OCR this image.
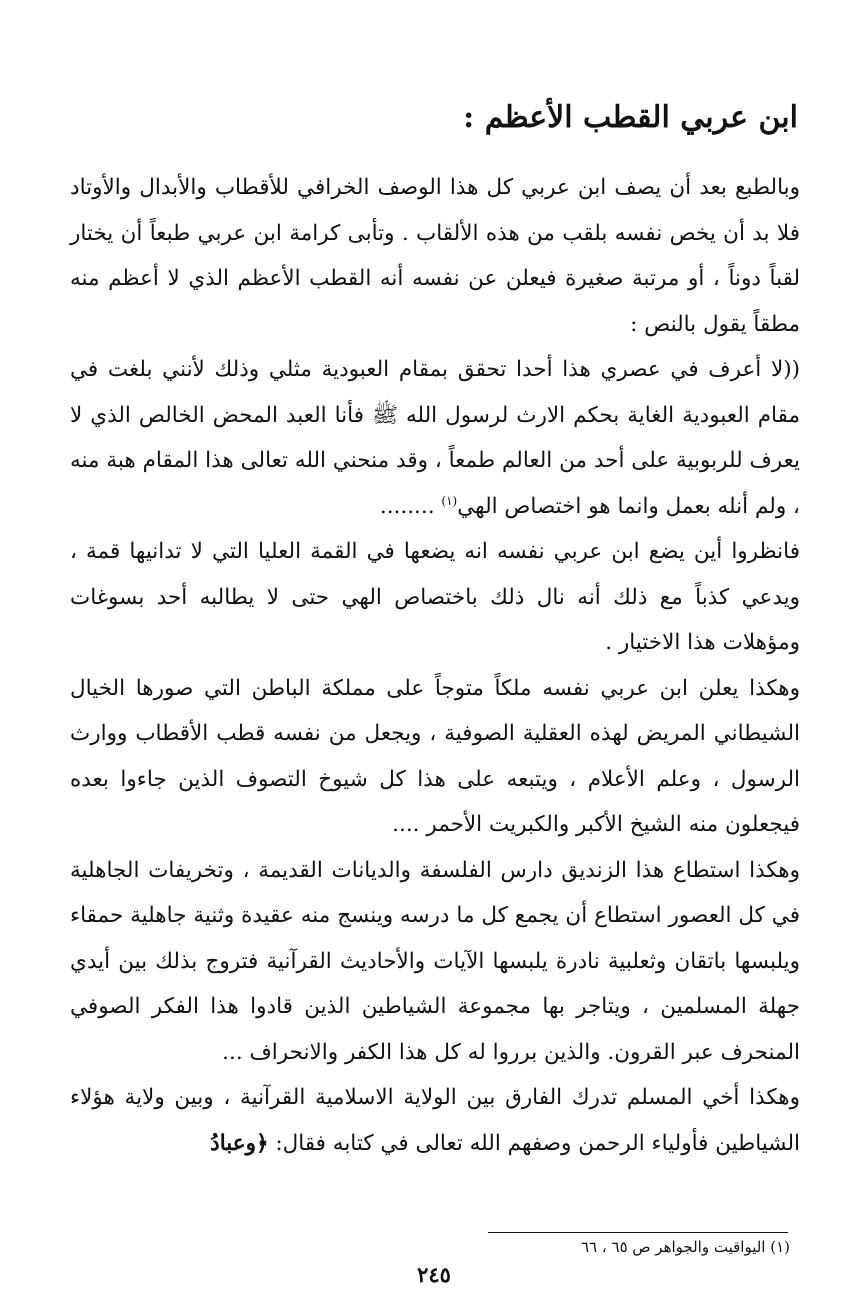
ابن عربي القطب الأعظم :

وبالطبع بعد أن يصف ابن عربي كل هذا الوصف الخرافي للأقطاب والأبدال والأوتاد فلا بد أن يخص نفسه بلقب من هذه الألقاب . وتأبى كرامة ابن عربي طبعاً أن يختار لقباً دوناً ، أو مرتبة صغيرة فيعلن عن نفسه أنه القطب الأعظم الذي لا أعظم منه مطقاً يقول بالنص :

((لا أعرف في عصري هذا أحدا تحقق بمقام العبودية مثلي وذلك لأنني بلغت في مقام العبودية الغاية بحكم الارث لرسول الله ﷺ فأنا العبد المحض الخالص الذي لا يعرف للربوبية على أحد من العالم طمعاً ، وقد منحني الله تعالى هذا المقام هبة منه ، ولم أنله بعمل وانما هو اختصاص الهي$^{(١)}$ ........

فانظروا أين يضع ابن عربي نفسه انه يضعها في القمة العليا التي لا تدانيها قمة ، ويدعي كذباً مع ذلك أنه نال ذلك باختصاص الهي حتى لا يطالبه أحد بسوغات ومؤهلات هذا الاختيار .

وهكذا يعلن ابن عربي نفسه ملكاً متوجاً على مملكة الباطن التي صورها الخيال الشيطاني المريض لهذه العقلية الصوفية ، ويجعل من نفسه قطب الأقطاب ووارث الرسول ، وعلم الأعلام ، ويتبعه على هذا كل شيوخ التصوف الذين جاءوا بعده فيجعلون منه الشيخ الأكبر والكبريت الأحمر ....

وهكذا استطاع هذا الزنديق دارس الفلسفة والديانات القديمة ، وتخريفات الجاهلية في كل العصور استطاع أن يجمع كل ما درسه وينسج منه عقيدة وثنية جاهلية حمقاء ويلبسها باتقان وثعلبية نادرة يلبسها الآيات والأحاديث القرآنية فتروج بذلك بين أيدي جهلة المسلمين ، ويتاجر بها مجموعة الشياطين الذين قادوا هذا الفكر الصوفي المنحرف عبر القرون. والذين برروا له كل هذا الكفر والانحراف ...

وهكذا أخي المسلم تدرك الفارق بين الولاية الاسلامية القرآنية ، وبين ولاية هؤلاء الشياطين فأولياء الرحمن وصفهم الله تعالى في كتابه فقال: ﴿وعبادُ

(١) اليواقيت والجواهر ص ٦٥ ، ٦٦
٢٤٥
